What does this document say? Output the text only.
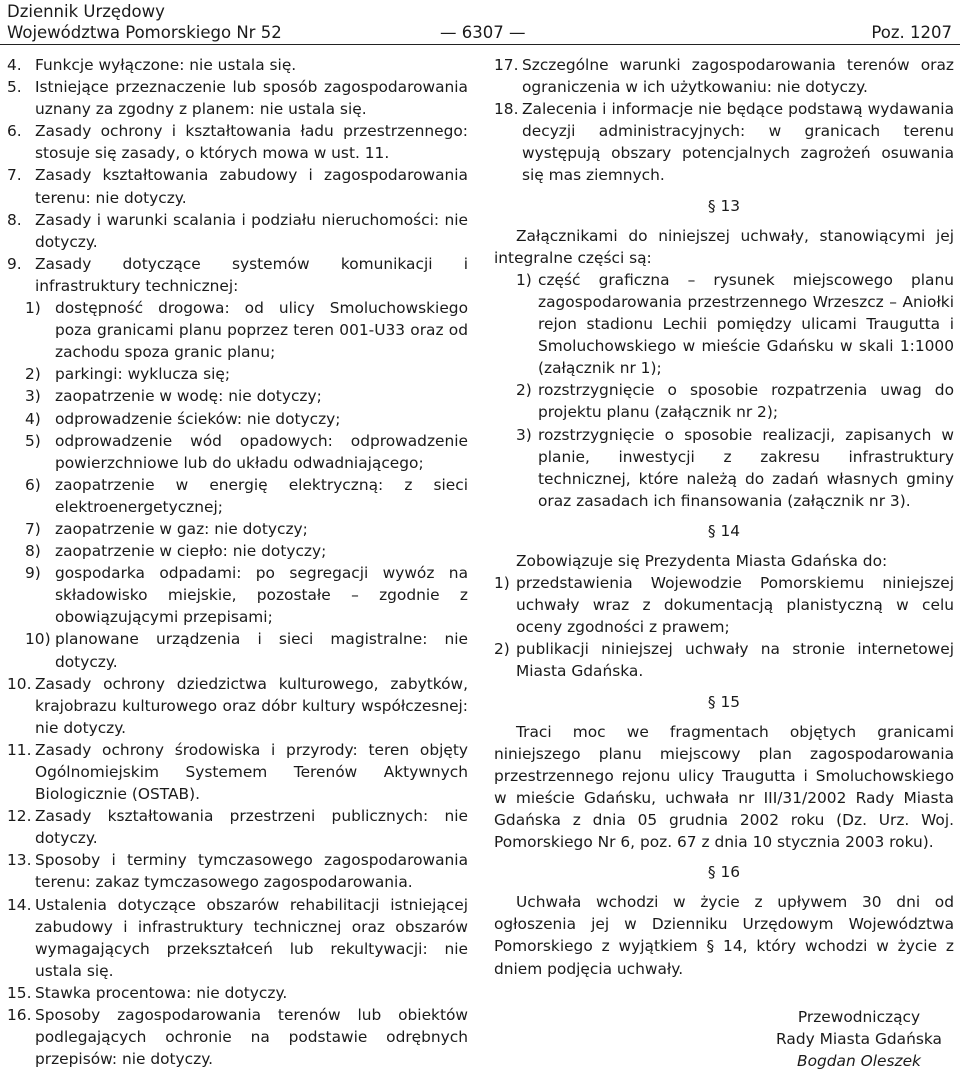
Dziennik Urzędowy
Województwa Pomorskiego Nr 52	— 6307 —	Poz. 1207
4. Funkcje wyłączone: nie ustala się.
5. Istniejące przeznaczenie lub sposób zagospodarowania uznany za zgodny z planem: nie ustala się.
6. Zasady ochrony i kształtowania ładu przestrzennego: stosuje się zasady, o których mowa w ust. 11.
7. Zasady kształtowania zabudowy i zagospodarowania terenu: nie dotyczy.
8. Zasady i warunki scalania i podziału nieruchomości: nie dotyczy.
9. Zasady dotyczące systemów komunikacji i infrastruktury technicznej:
1) dostępność drogowa: od ulicy Smoluchowskiego poza granicami planu poprzez teren 001-U33 oraz od zachodu spoza granic planu;
2) parkingi: wyklucza się;
3) zaopatrzenie w wodę: nie dotyczy;
4) odprowadzenie ścieków: nie dotyczy;
5) odprowadzenie wód opadowych: odprowadzenie powierzchniowe lub do układu odwadniającego;
6) zaopatrzenie w energię elektryczną: z sieci elektroenergetycznej;
7) zaopatrzenie w gaz: nie dotyczy;
8) zaopatrzenie w ciepło: nie dotyczy;
9) gospodarka odpadami: po segregacji wywóz na składowisko miejskie, pozostałe – zgodnie z obowiązującymi przepisami;
10) planowane urządzenia i sieci magistralne: nie dotyczy.
10. Zasady ochrony dziedzictwa kulturowego, zabytków, krajobrazu kulturowego oraz dóbr kultury współczesnej: nie dotyczy.
11. Zasady ochrony środowiska i przyrody: teren objęty Ogólnomiejskim Systemem Terenów Aktywnych Biologicznie (OSTAB).
12. Zasady kształtowania przestrzeni publicznych: nie dotyczy.
13. Sposoby i terminy tymczasowego zagospodarowania terenu: zakaz tymczasowego zagospodarowania.
14. Ustalenia dotyczące obszarów rehabilitacji istniejącej zabudowy i infrastruktury technicznej oraz obszarów wymagających przekształceń lub rekultywacji: nie ustala się.
15. Stawka procentowa: nie dotyczy.
16. Sposoby zagospodarowania terenów lub obiektów podlegających ochronie na podstawie odrębnych przepisów: nie dotyczy.
17. Szczególne warunki zagospodarowania terenów oraz ograniczenia w ich użytkowaniu: nie dotyczy.
18. Zalecenia i informacje nie będące podstawą wydawania decyzji administracyjnych: w granicach terenu występują obszary potencjalnych zagrożeń osuwania się mas ziemnych.

§ 13

Załącznikami do niniejszej uchwały, stanowiącymi jej integralne części są:

1) część graficzna – rysunek miejscowego planu zagospodarowania przestrzennego Wrzeszcz – Aniołki rejon stadionu Lechii pomiędzy ulicami Traugutta i Smoluchowskiego w mieście Gdańsku w skali 1:1000 (załącznik nr 1);
2) rozstrzygnięcie o sposobie rozpatrzenia uwag do projektu planu (załącznik nr 2);
3) rozstrzygnięcie o sposobie realizacji, zapisanych w planie, inwestycji z zakresu infrastruktury technicznej, które należą do zadań własnych gminy oraz zasadach ich finansowania (załącznik nr 3).

§ 14

Zobowiązuje się Prezydenta Miasta Gdańska do:

1) przedstawienia Wojewodzie Pomorskiemu niniejszej uchwały wraz z dokumentacją planistyczną w celu oceny zgodności z prawem;
2) publikacji niniejszej uchwały na stronie internetowej Miasta Gdańska.

§ 15

Traci moc we fragmentach objętych granicami niniejszego planu miejscowy plan zagospodarowania przestrzennego rejonu ulicy Traugutta i Smoluchowskiego w mieście Gdańsku, uchwała nr III/31/2002 Rady Miasta Gdańska z dnia 05 grudnia 2002 roku (Dz. Urz. Woj. Pomorskiego Nr 6, poz. 67 z dnia 10 stycznia 2003 roku).

§ 16

Uchwała wchodzi w życie z upływem 30 dni od ogłoszenia jej w Dzienniku Urzędowym Województwa Pomorskiego z wyjątkiem § 14, który wchodzi w życie z dniem podjęcia uchwały.

Przewodniczący

Rady Miasta Gdańska

Bogdan Oleszek
